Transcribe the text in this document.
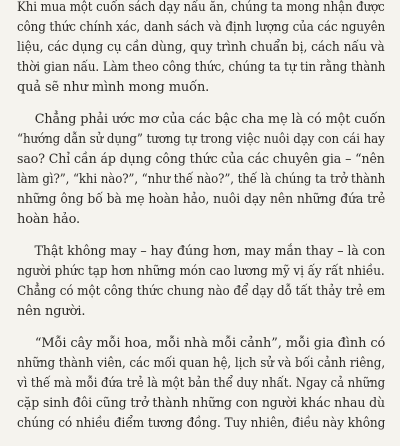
Khi mua một cuốn sách dạy nấu ăn, chúng ta mong nhận được
công thức chính xác, danh sách và định lượng của các nguyên
liệu, các dụng cụ cần dùng, quy trình chuẩn bị, cách nấu và
thời gian nấu. Làm theo công thức, chúng ta tự tin rằng thành
quả sẽ như mình mong muốn.
Chẳng phải ước mơ của các bậc cha mẹ là có một cuốn
“hướng dẫn sử dụng” tương tự trong việc nuôi dạy con cái hay
sao? Chỉ cần áp dụng công thức của các chuyên gia – “nên
làm gì?”, “khi nào?”, “như thế nào?”, thế là chúng ta trở thành
những ông bố bà mẹ hoàn hảo, nuôi dạy nên những đứa trẻ
hoàn hảo.
Thật không may – hay đúng hơn, may mắn thay – là con
người phức tạp hơn những món cao lương mỹ vị ấy rất nhiều.
Chẳng có một công thức chung nào để dạy dỗ tất thảy trẻ em
nên người.
“Mỗi cây mỗi hoa, mỗi nhà mỗi cảnh”, mỗi gia đình có
những thành viên, các mối quan hệ, lịch sử và bối cảnh riêng,
vì thế mà mỗi đứa trẻ là một bản thể duy nhất. Ngay cả những
cặp sinh đôi cũng trở thành những con người khác nhau dù
chúng có nhiều điểm tương đồng. Tuy nhiên, điều này không
